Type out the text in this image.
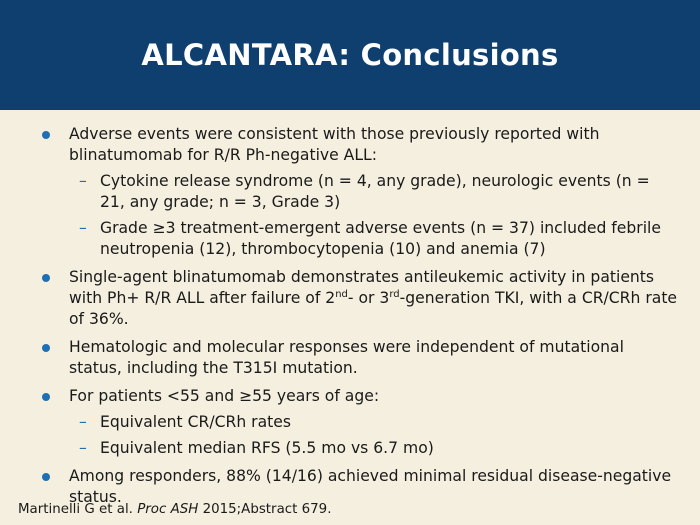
ALCANTARA: Conclusions
Adverse events were consistent with those previously reported with blinatumomab for R/R Ph-negative ALL:
– Cytokine release syndrome (n = 4, any grade), neurologic events (n = 21, any grade; n = 3, Grade 3)
– Grade ≥3 treatment-emergent adverse events (n = 37) included febrile neutropenia (12), thrombocytopenia (10) and anemia (7)
Single-agent blinatumomab demonstrates antileukemic activity in patients with Ph+ R/R ALL after failure of 2nd- or 3rd-generation TKI, with a CR/CRh rate of 36%.
Hematologic and molecular responses were independent of mutational status, including the T315I mutation.
For patients <55 and ≥55 years of age:
– Equivalent CR/CRh rates
– Equivalent median RFS (5.5 mo vs 6.7 mo)
Among responders, 88% (14/16) achieved minimal residual disease-negative status.
Martinelli G et al. Proc ASH 2015;Abstract 679.
